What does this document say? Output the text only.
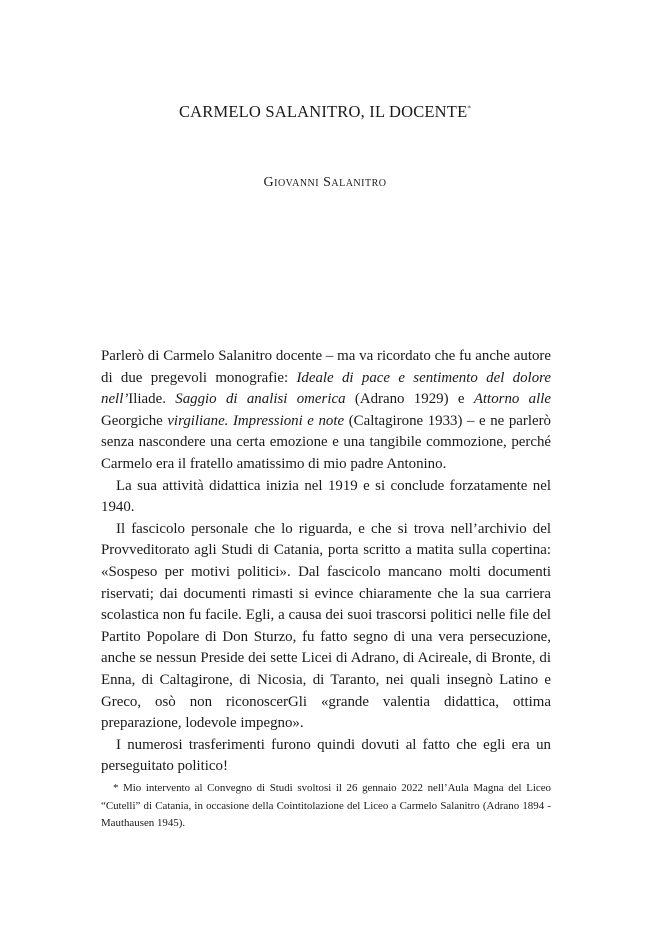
CARMELO SALANITRO, IL DOCENTE*
Giovanni Salanitro

Parlerò di Carmelo Salanitro docente – ma va ricordato che fu anche autore di due pregevoli monografie: Ideale di pace e sentimento del dolore nell’Iliade. Saggio di analisi omerica (Adrano 1929) e Attorno alle Georgiche virgiliane. Impressioni e note (Caltagirone 1933) – e ne parlerò senza nascondere una certa emozione e una tangibile commozione, perché Carmelo era il fratello amatissimo di mio padre Antonino.

La sua attività didattica inizia nel 1919 e si conclude forzatamente nel 1940.

Il fascicolo personale che lo riguarda, e che si trova nell’archivio del Provveditorato agli Studi di Catania, porta scritto a matita sulla copertina: «Sospeso per motivi politici». Dal fascicolo mancano molti documenti riservati; dai documenti rimasti si evince chiaramente che la sua carriera scolastica non fu facile. Egli, a causa dei suoi trascorsi politici nelle file del Partito Popolare di Don Sturzo, fu fatto segno di una vera persecuzione, anche se nessun Preside dei sette Licei di Adrano, di Acireale, di Bronte, di Enna, di Caltagirone, di Nicosia, di Taranto, nei quali insegnò Latino e Greco, osò non riconoscerGli «grande valentia didattica, ottima preparazione, lodevole impegno».

I numerosi trasferimenti furono quindi dovuti al fatto che egli era un perseguitato politico!

* Mio intervento al Convegno di Studi svoltosi il 26 gennaio 2022 nell’Aula Magna del Liceo “Cutelli” di Catania, in occasione della Cointitolazione del Liceo a Carmelo Salanitro (Adrano 1894 - Mauthausen 1945).
